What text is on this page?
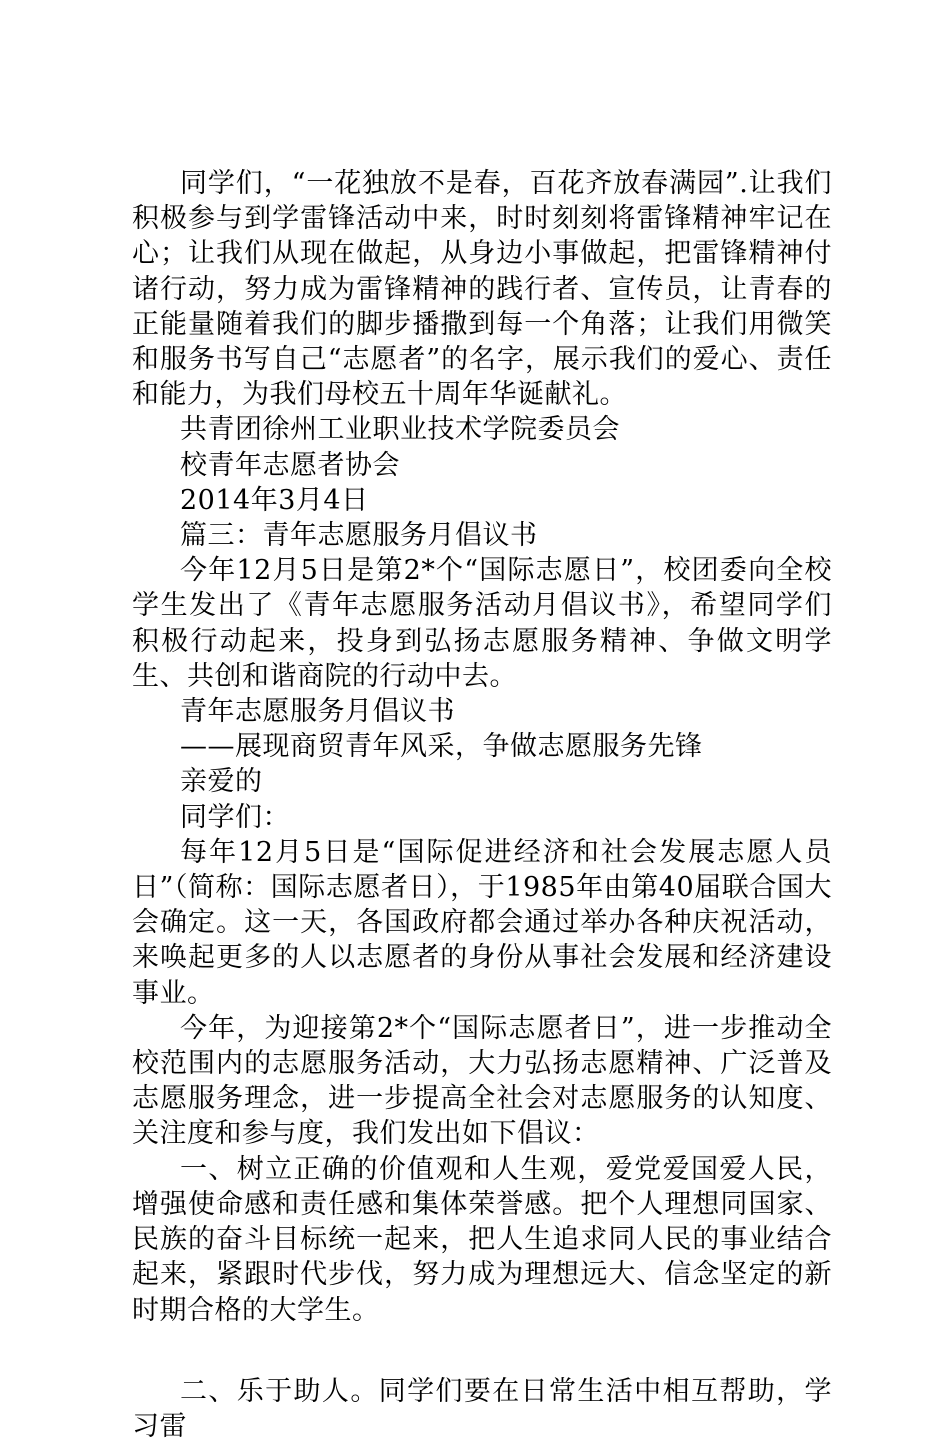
同学们，“一花独放不是春，百花齐放春满园”.让我们积极参与到学雷锋活动中来，时时刻刻将雷锋精神牢记在心；让我们从现在做起，从身边小事做起，把雷锋精神付诸行动，努力成为雷锋精神的践行者、宣传员，让青春的正能量随着我们的脚步播撒到每一个角落；让我们用微笑和服务书写自己“志愿者”的名字，展示我们的爱心、责任和能力，为我们母校五十周年华诞献礼。

共青团徐州工业职业技术学院委员会

校青年志愿者协会

2014年3月4日

篇三：青年志愿服务月倡议书

今年12月5日是第2*个“国际志愿日”，校团委向全校学生发出了《青年志愿服务活动月倡议书》，希望同学们积极行动起来，投身到弘扬志愿服务精神、争做文明学生、共创和谐商院的行动中去。

青年志愿服务月倡议书

——展现商贸青年风采，争做志愿服务先锋

亲爱的

同学们：

每年12月5日是“国际促进经济和社会发展志愿人员日”（简称：国际志愿者日），于1985年由第40届联合国大会确定。这一天，各国政府都会通过举办各种庆祝活动，来唤起更多的人以志愿者的身份从事社会发展和经济建设事业。

今年，为迎接第2*个“国际志愿者日”，进一步推动全校范围内的志愿服务活动，大力弘扬志愿精神、广泛普及志愿服务理念，进一步提高全社会对志愿服务的认知度、关注度和参与度，我们发出如下倡议：

一、树立正确的价值观和人生观，爱党爱国爱人民，增强使命感和责任感和集体荣誉感。把个人理想同国家、民族的奋斗目标统一起来，把人生追求同人民的事业结合起来，紧跟时代步伐，努力成为理想远大、信念坚定的新时期合格的大学生。

二、乐于助人。同学们要在日常生活中相互帮助，学习雷
